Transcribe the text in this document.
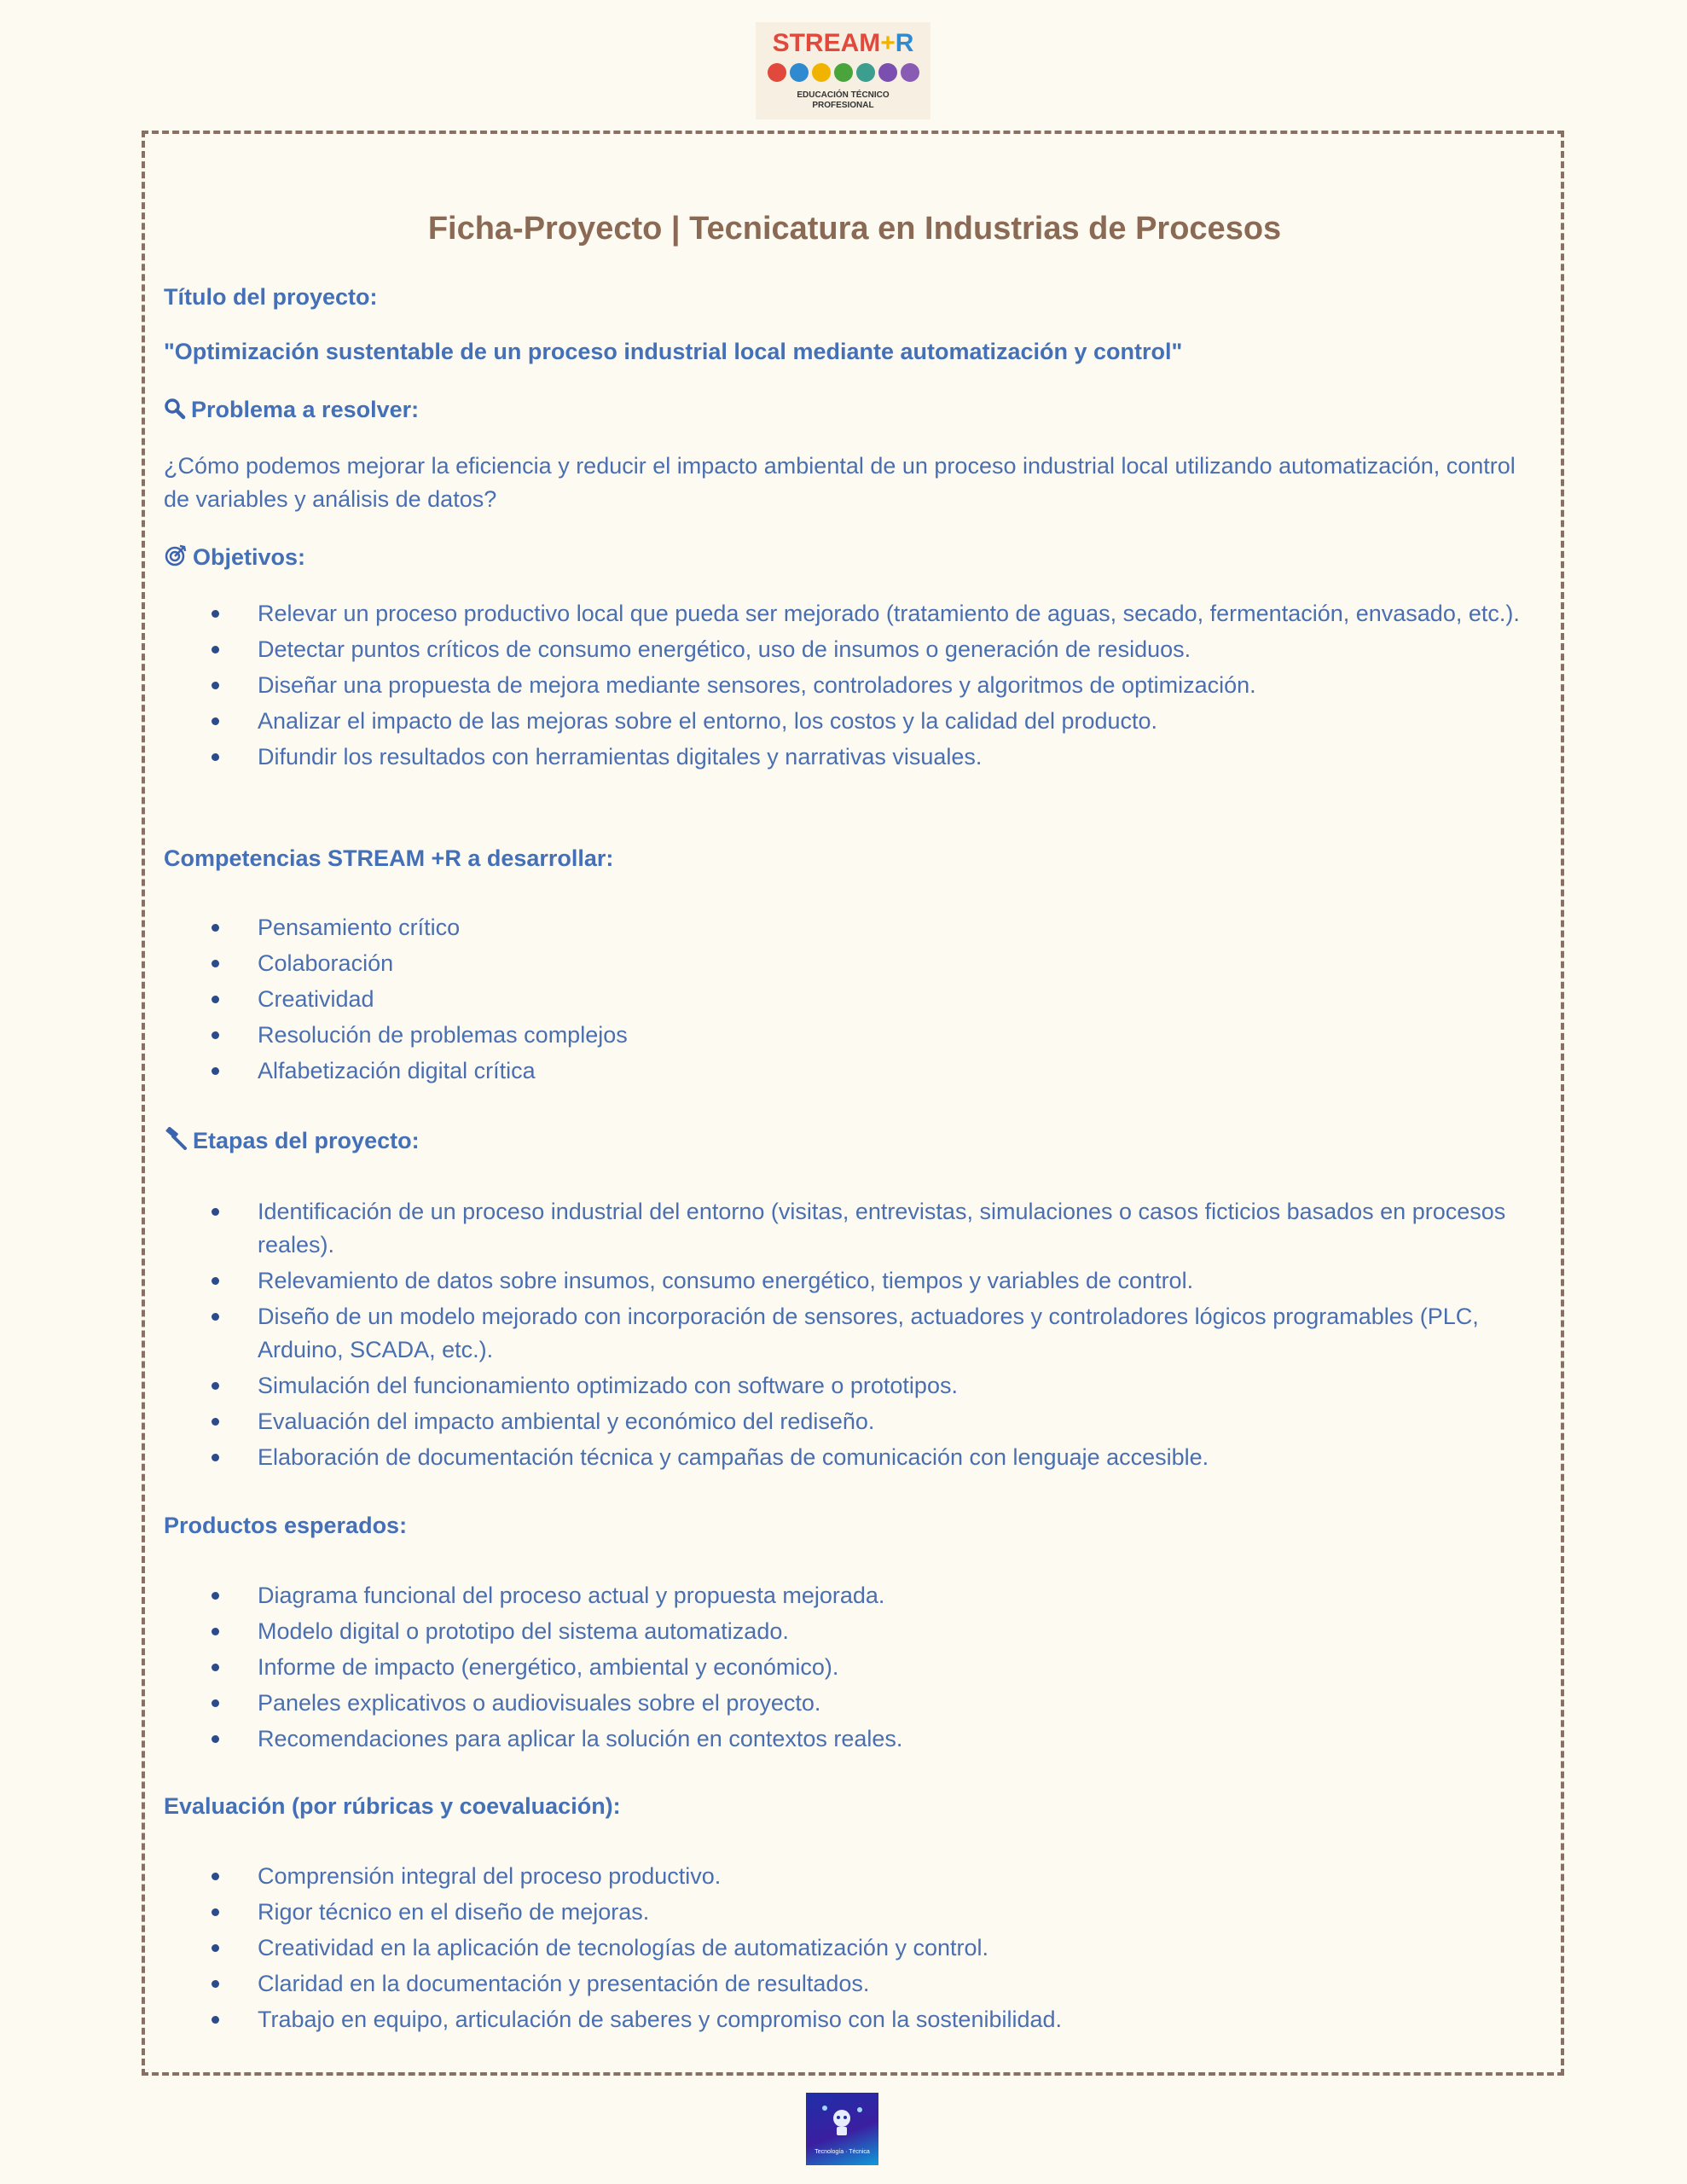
STREAM+R
EDUCACIÓN TÉCNICO
PROFESIONAL
Ficha-Proyecto | Tecnicatura en Industrias de Procesos
Título del proyecto:
"Optimización sustentable de un proceso industrial local mediante automatización y control"
Problema a resolver:
¿Cómo podemos mejorar la eficiencia y reducir el impacto ambiental de un proceso industrial local utilizando automatización, control de variables y análisis de datos?
Objetivos:
Relevar un proceso productivo local que pueda ser mejorado (tratamiento de aguas, secado, fermentación, envasado, etc.).
Detectar puntos críticos de consumo energético, uso de insumos o generación de residuos.
Diseñar una propuesta de mejora mediante sensores, controladores y algoritmos de optimización.
Analizar el impacto de las mejoras sobre el entorno, los costos y la calidad del producto.
Difundir los resultados con herramientas digitales y narrativas visuales.
Competencias STREAM +R a desarrollar:
Pensamiento crítico
Colaboración
Creatividad
Resolución de problemas complejos
Alfabetización digital crítica
Etapas del proyecto:
Identificación de un proceso industrial del entorno (visitas, entrevistas, simulaciones o casos ficticios basados en procesos reales).
Relevamiento de datos sobre insumos, consumo energético, tiempos y variables de control.
Diseño de un modelo mejorado con incorporación de sensores, actuadores y controladores lógicos programables (PLC, Arduino, SCADA, etc.).
Simulación del funcionamiento optimizado con software o prototipos.
Evaluación del impacto ambiental y económico del rediseño.
Elaboración de documentación técnica y campañas de comunicación con lenguaje accesible.
Productos esperados:
Diagrama funcional del proceso actual y propuesta mejorada.
Modelo digital o prototipo del sistema automatizado.
Informe de impacto (energético, ambiental y económico).
Paneles explicativos o audiovisuales sobre el proyecto.
Recomendaciones para aplicar la solución en contextos reales.
Evaluación (por rúbricas y coevaluación):
Comprensión integral del proceso productivo.
Rigor técnico en el diseño de mejoras.
Creatividad en la aplicación de tecnologías de automatización y control.
Claridad en la documentación y presentación de resultados.
Trabajo en equipo, articulación de saberes y compromiso con la sostenibilidad.
Tecnología · Técnica
